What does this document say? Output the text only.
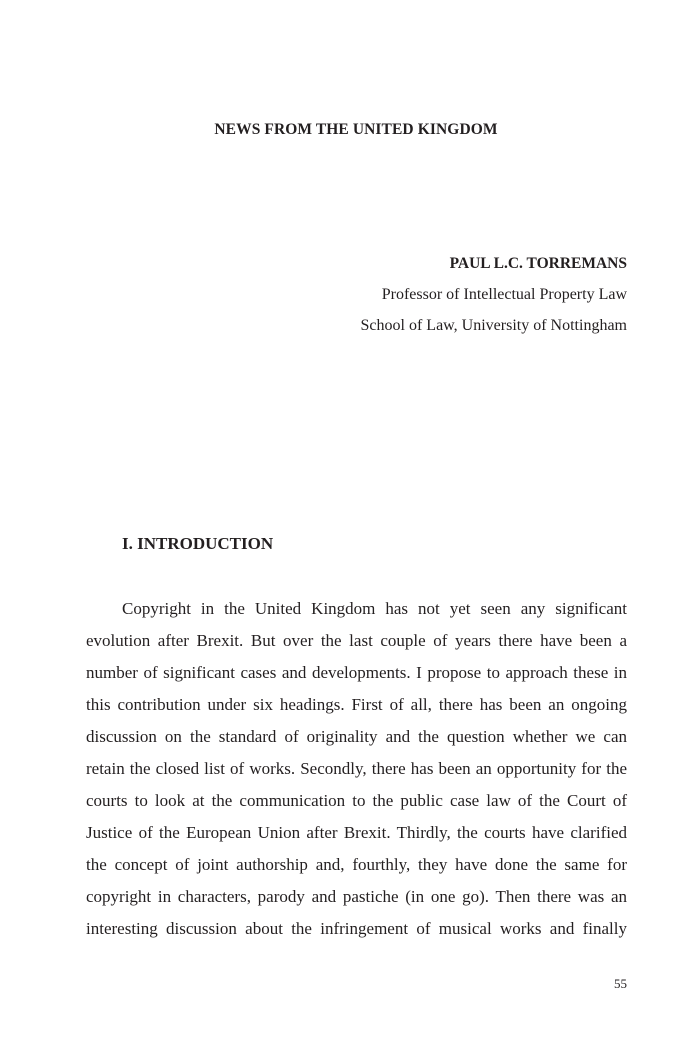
NEWS FROM THE UNITED KINGDOM
PAUL L.C. TORREMANS
Professor of Intellectual Property Law
School of Law, University of Nottingham
I. INTRODUCTION
Copyright in the United Kingdom has not yet seen any significant
evolution after Brexit. But over the last couple of years there have been a
number of significant cases and developments. I propose to approach these in
this contribution under six headings. First of all, there has been an ongoing
discussion on the standard of originality and the question whether we can
retain the closed list of works. Secondly, there has been an opportunity for the
courts to look at the communication to the public case law of the Court of
Justice of the European Union after Brexit. Thirdly, the courts have clarified
the concept of joint authorship and, fourthly, they have done the same for
copyright in characters, parody and pastiche (in one go). Then there was an
interesting discussion about the infringement of musical works and finally
55
